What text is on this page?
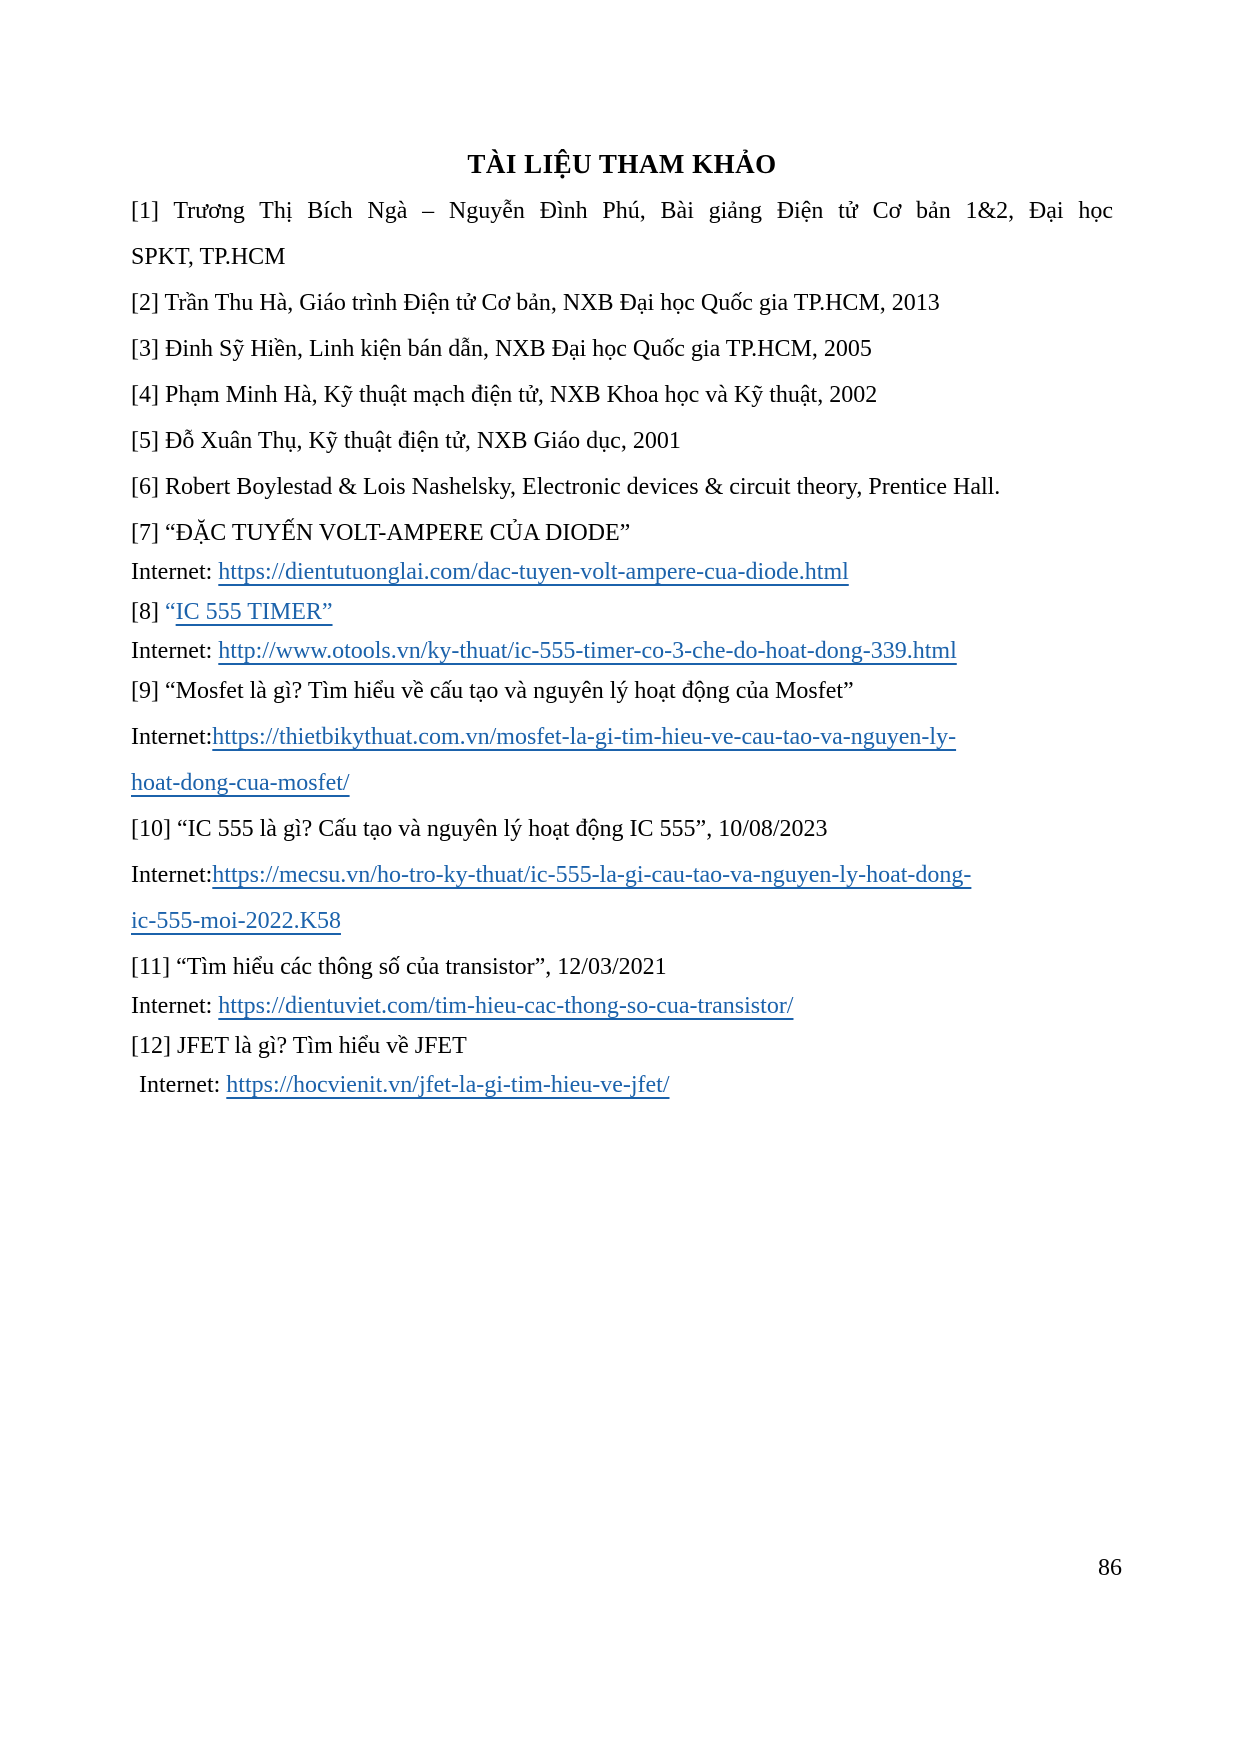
TÀI LIỆU THAM KHẢO
[1] Trương Thị Bích Ngà – Nguyễn Đình Phú, Bài giảng Điện tử Cơ bản 1&2, Đại học
SPKT, TP.HCM
[2] Trần Thu Hà, Giáo trình Điện tử Cơ bản, NXB Đại học Quốc gia TP.HCM, 2013
[3] Đinh Sỹ Hiền, Linh kiện bán dẫn, NXB Đại học Quốc gia TP.HCM, 2005
[4] Phạm Minh Hà, Kỹ thuật mạch điện tử, NXB Khoa học và Kỹ thuật, 2002
[5] Đỗ Xuân Thụ, Kỹ thuật điện tử, NXB Giáo dục, 2001
[6] Robert Boylestad & Lois Nashelsky, Electronic devices & circuit theory, Prentice Hall.
[7] “ĐẶC TUYẾN VOLT-AMPERE CỦA DIODE”
Internet: https://dientutuonglai.com/dac-tuyen-volt-ampere-cua-diode.html
[8] “IC 555 TIMER”
Internet: http://www.otools.vn/ky-thuat/ic-555-timer-co-3-che-do-hoat-dong-339.html
[9] “Mosfet là gì? Tìm hiểu về cấu tạo và nguyên lý hoạt động của Mosfet”
Internet:https://thietbikythuat.com.vn/mosfet-la-gi-tim-hieu-ve-cau-tao-va-nguyen-ly-
hoat-dong-cua-mosfet/
[10] “IC 555 là gì? Cấu tạo và nguyên lý hoạt động IC 555”, 10/08/2023
Internet:https://mecsu.vn/ho-tro-ky-thuat/ic-555-la-gi-cau-tao-va-nguyen-ly-hoat-dong-
ic-555-moi-2022.K58
[11] “Tìm hiểu các thông số của transistor”, 12/03/2021
Internet: https://dientuviet.com/tim-hieu-cac-thong-so-cua-transistor/
[12] JFET là gì? Tìm hiểu về JFET
Internet: https://hocvienit.vn/jfet-la-gi-tim-hieu-ve-jfet/
86
